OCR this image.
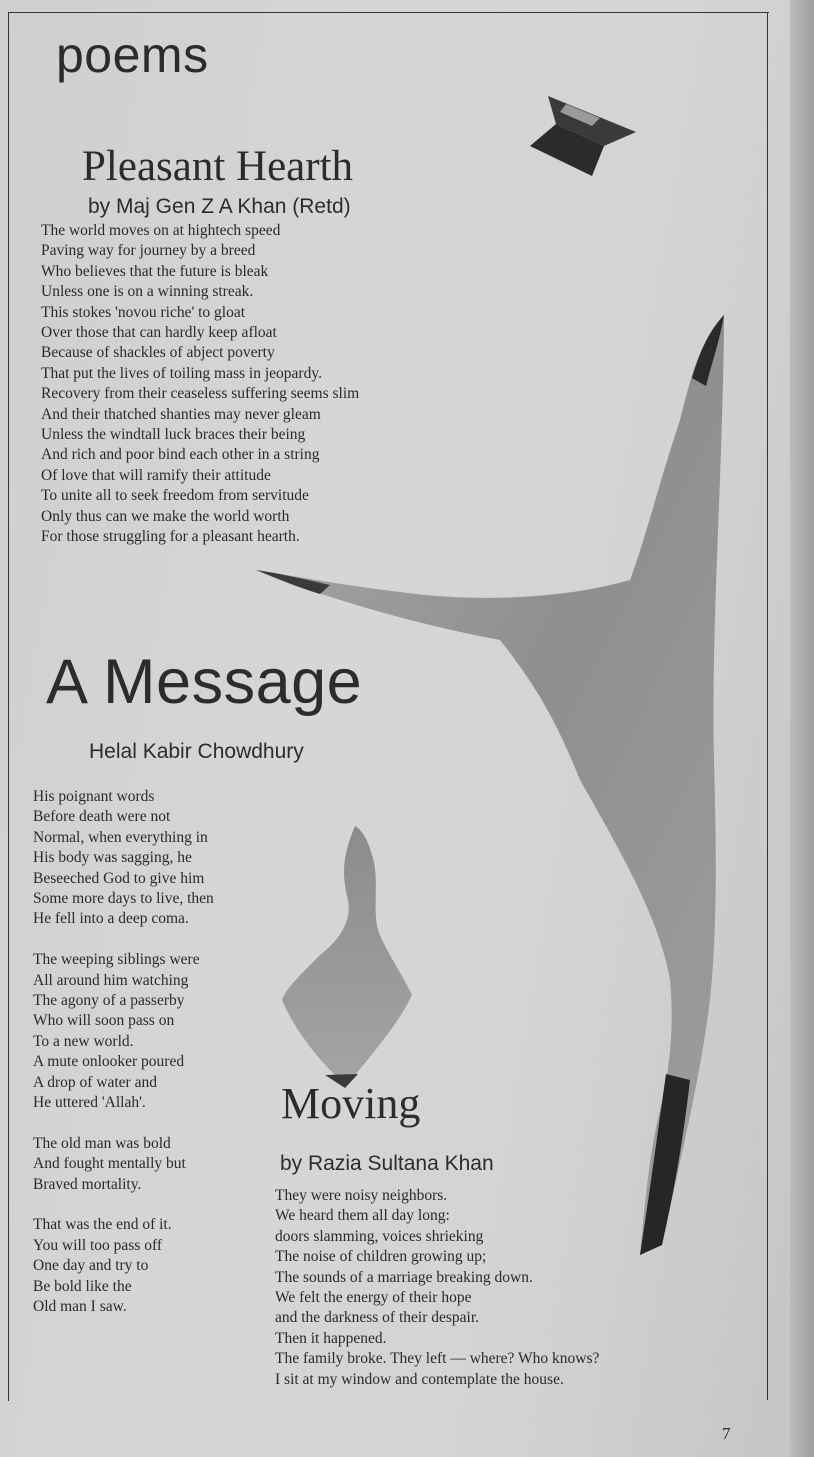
poems
Pleasant Hearth
by Maj Gen Z A Khan (Retd)
The world moves on at hightech speed
Paving way for journey by a breed
Who believes that the future is bleak
Unless one is on a winning streak.
This stokes 'novou riche' to gloat
Over those that can hardly keep afloat
Because of shackles of abject poverty
That put the lives of toiling mass in jeopardy.
Recovery from their ceaseless suffering seems slim
And their thatched shanties may never gleam
Unless the windtall luck braces their being
And rich and poor bind each other in a string
Of love that will ramify their attitude
To unite all to seek freedom from servitude
Only thus can we make the world worth
For those struggling for a pleasant hearth.
A Message
Helal Kabir Chowdhury
His poignant words
Before death were not
Normal, when everything in
His body was sagging, he
Beseeched God to give him
Some more days to live, then
He fell into a deep coma.
The weeping siblings were
All around him watching
The agony of a passerby
Who will soon pass on
To a new world.
A mute onlooker poured
A drop of water and
He uttered 'Allah'.
The old man was bold
And fought mentally but
Braved mortality.
That was the end of it.
You will too pass off
One day and try to
Be bold like the
Old man I saw.
Moving
by Razia Sultana Khan
They were noisy neighbors.
We heard them all day long:
doors slamming, voices shrieking
The noise of children growing up;
The sounds of a marriage breaking down.
We felt the energy of their hope
and the darkness of their despair.
Then it happened.
The family broke. They left — where? Who knows?
I sit at my window and contemplate the house.
7
